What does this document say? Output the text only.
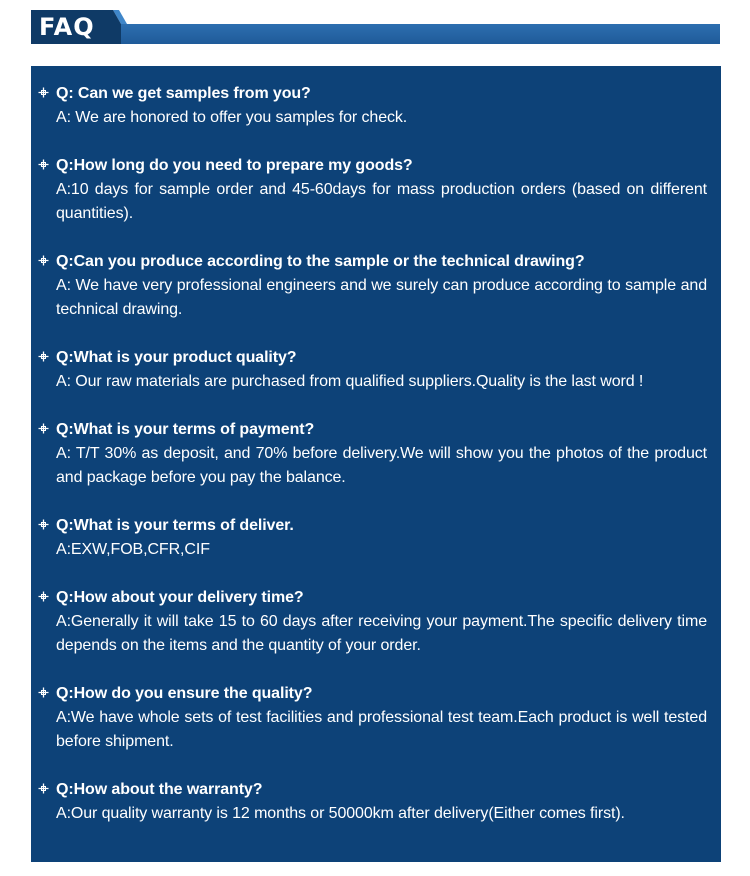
FAQ
Q: Can we get samples from you?
A: We are honored to offer you samples for check.
Q:How long do you need to prepare my goods?
A:10 days for sample order and 45-60days for mass production orders (based on different quantities).
Q:Can you produce according to the sample or the technical drawing?
A: We have very professional engineers and we surely can produce according to sample and technical drawing.
Q:What is your product quality?
A: Our raw materials are purchased from qualified suppliers.Quality is the last word !
Q:What is your terms of payment?
A: T/T 30% as deposit, and 70% before delivery.We will show you the photos of the product and package before you pay the balance.
Q:What is your terms of deliver.
A:EXW,FOB,CFR,CIF
Q:How about your delivery time?
A:Generally it will take 15 to 60 days after receiving your payment.The specific delivery time depends on the items and the quantity of your order.
Q:How do you ensure the quality?
A:We have whole sets of test facilities and professional test team.Each product is well tested before shipment.
Q:How about the warranty?
A:Our quality warranty is 12 months or 50000km after delivery(Either comes first).
